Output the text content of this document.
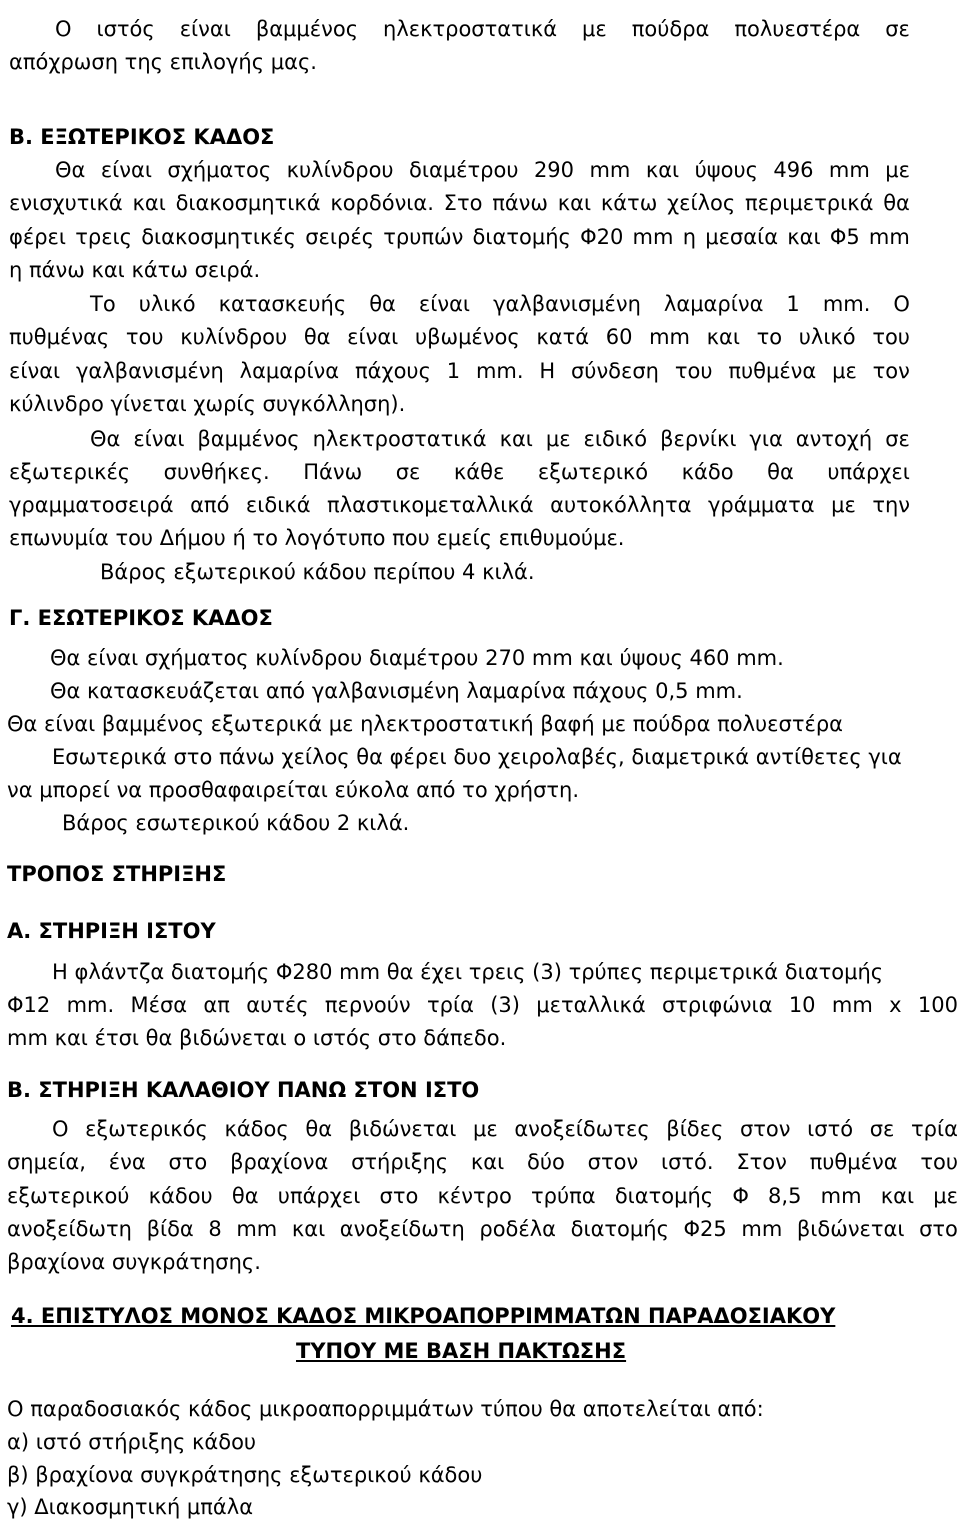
Ο ιστός είναι βαμμένος ηλεκτροστατικά με πούδρα πολυεστέρα σε
απόχρωση της επιλογής μας.
Β. ΕΞΩΤΕΡΙΚΟΣ ΚΑΔΟΣ
Θα είναι σχήματος κυλίνδρου διαμέτρου 290 mm και ύψους 496 mm με
ενισχυτικά και διακοσμητικά κορδόνια. Στο πάνω και κάτω χείλος περιμετρικά θα
φέρει τρεις διακοσμητικές σειρές τρυπών διατομής Φ20 mm η μεσαία και Φ5 mm
η πάνω και κάτω σειρά.
Το υλικό κατασκευής θα είναι γαλβανισμένη λαμαρίνα 1 mm. Ο
πυθμένας του κυλίνδρου θα είναι υβωμένος κατά 60 mm και το υλικό του
είναι γαλβανισμένη λαμαρίνα πάχους 1 mm. Η σύνδεση του πυθμένα με τον
κύλινδρο γίνεται χωρίς συγκόλληση).
Θα είναι βαμμένος ηλεκτροστατικά και με ειδικό βερνίκι για αντοχή σε
εξωτερικές συνθήκες. Πάνω σε κάθε εξωτερικό κάδο θα υπάρχει
γραμματοσειρά από ειδικά πλαστικομεταλλικά αυτοκόλλητα γράμματα με την
επωνυμία του Δήμου ή το λογότυπο που εμείς επιθυμούμε.
Βάρος εξωτερικού κάδου περίπου 4 κιλά.
Γ. ΕΣΩΤΕΡΙΚΟΣ ΚΑΔΟΣ
Θα είναι σχήματος κυλίνδρου διαμέτρου 270 mm και ύψους 460 mm.
Θα κατασκευάζεται από γαλβανισμένη λαμαρίνα πάχους 0,5 mm.
Θα είναι βαμμένος εξωτερικά με ηλεκτροστατική βαφή με πούδρα πολυεστέρα
Εσωτερικά στο πάνω χείλος θα φέρει δυο χειρολαβές, διαμετρικά αντίθετες για
να μπορεί να προσθαφαιρείται εύκολα από το χρήστη.
Βάρος εσωτερικού κάδου 2 κιλά.
ΤΡΟΠΟΣ ΣΤΗΡΙΞΗΣ
Α. ΣΤΗΡΙΞΗ ΙΣΤΟΥ
Η φλάντζα διατομής Φ280 mm θα έχει τρεις (3) τρύπες περιμετρικά διατομής
Φ12 mm. Μέσα απ αυτές περνούν τρία (3) μεταλλικά στριφώνια 10 mm x 100
mm και έτσι θα βιδώνεται ο ιστός στο δάπεδο.
Β. ΣΤΗΡΙΞΗ ΚΑΛΑΘΙΟΥ ΠΑΝΩ ΣΤΟΝ ΙΣΤΟ
Ο εξωτερικός κάδος θα βιδώνεται με ανοξείδωτες βίδες στον ιστό σε τρία
σημεία, ένα στο βραχίονα στήριξης και δύο στον ιστό. Στον πυθμένα του
εξωτερικού κάδου θα υπάρχει στο κέντρο τρύπα διατομής Φ 8,5 mm και με
ανοξείδωτη βίδα 8 mm και ανοξείδωτη ροδέλα διατομής Φ25 mm βιδώνεται στο
βραχίονα συγκράτησης.
4. ΕΠΙΣΤΥΛΟΣ ΜΟΝΟΣ ΚΑΔΟΣ ΜΙΚΡΟΑΠΟΡΡΙΜΜΑΤΩΝ ΠΑΡΑΔΟΣΙΑΚΟΥ
ΤΥΠΟΥ ΜΕ ΒΑΣΗ ΠΑΚΤΩΣΗΣ
Ο παραδοσιακός κάδος μικροαπορριμμάτων τύπου θα αποτελείται από:
α) ιστό στήριξης κάδου
β) βραχίονα συγκράτησης εξωτερικού κάδου
γ) Διακοσμητική μπάλα
